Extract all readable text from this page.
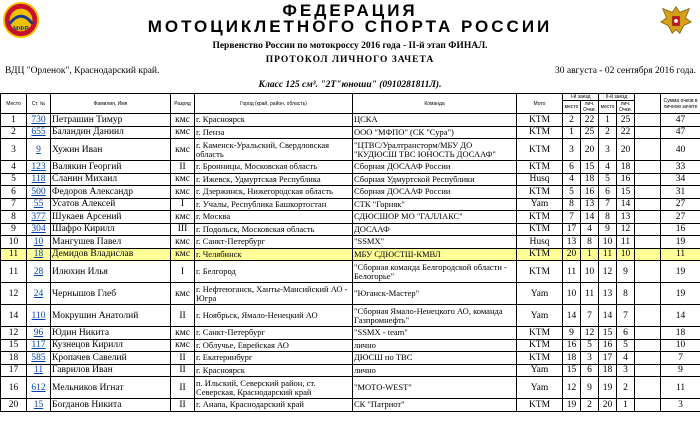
МФР
ФЕДЕРАЦИЯ
МОТОЦИКЛЕТНОГО СПОРТА РОССИИ
Первенство России по мотокроссу 2016 года - II-й этап ФИНАЛ.
ПРОТОКОЛ ЛИЧНОГО ЗАЧЕТА
ВДЦ "Орленок", Краснодарский край.	30 августа - 02 сентября 2016 года.
Класс 125 см³. "2Т"юноши" (0910281811Л).
Место	Ст. №	Фамилия, Имя	Разряд	Город (край, район, область)	Команда	Мото	I-й заезд		II-й заезд			Сумма очков в личном зачете
							место	лич. Очки.	место	лич. Очки.		
1	730	Петрашин Тимур	кмс	г. Красноярск	ЦСКА	KTM	2	22	1	25		47
2	655	Баландин Даниил	кмс	г. Пенза	ООО "МФПО" (СК "Сура")	KTM	1	25	2	22		47
3	9	Хужин Иван	кмс	г. Каменск-Уральский, Свердловская область	"ЦТВС/Уралтрансторм/МБУ ДО "КУДЮСШ ТВС ЮНОСТЬ ДОСААФ"	KTM	3	20	3	20		40
4	123	Валякин Георгий	II	г. Бронницы, Московская область	Сборная ДОСААФ России	KTM	6	15	4	18		33
5	118	Сланин Михаил	кмс	г. Ижевск, Удмуртская Республика	Сборная Удмуртской Республики	Husq	4	18	5	16		34
6	500	Федоров Александр	кмс	г. Дзержинск, Нижегородская область	Сборная ДОСААФ России	KTM	5	16	6	15		31
7	55	Усатов Алексей	I	г. Учалы, Республика Башкортостан	СТК "Горняк"	Yam	8	13	7	14		27
8	377	Шукаев Арсений	кмс	г. Москва	СДЮСШОР МО "ГАЛЛАКС"	KTM	7	14	8	13		27
9	304	Шафро Кирилл	III	г. Подольск, Московская область	ДОСААФ	KTM	17	4	9	12		16
10	10	Мангушев Павел	кмс	г. Санкт-Петербург	"SSMX"	Husq	13	8	10	11		19
11	18	Демидов Владислав	кмс	г. Челябинск	МБУ СДЮСТШ-КМВЛ	KTM	20	1	11	10		11
11	28	Илюхин Илья	I	г. Белгород	"Сборная команда Белгородской области - Белогорье"	KTM	11	10	12	9		19
12	24	Чернышов Глеб	кмс	г. Нефтеюганск, Ханты-Мансийский АО - Югра	"Юганск-Мастер"	Yam	10	11	13	8		19
14	110	Мокрушин Анатолий	II	г. Ноябрьск, Ямало-Ненецкий АО	"Сборная Ямало-Ненецкого АО, команда Газпромнефть"	Yam	14	7	14	7		14
12	96	Юдин Никита	кмс	г. Санкт-Петербург	"SSMX - team"	KTM	9	12	15	6		18
15	117	Кузнецов Кирилл	кмс	г. Облучье, Еврейская АО	лично	KTM	16	5	16	5		10
18	585	Кропачев Савелий	II	г. Екатеринбург	ДЮСШ по ТВС	KTM	18	3	17	4		7
17	11	Гаврилов Иван	II	г. Красноярск	лично	Yam	15	6	18	3		9
16	612	Мельников Игнат	II	п. Ильский, Северский район, ст. Северская, Краснодарский край	"MOTO-WEST"	Yam	12	9	19	2		11
20	15	Богданов Никита	II	г. Анапа, Краснодарский край	СК "Патриот"	KTM	19	2	20	1		3
